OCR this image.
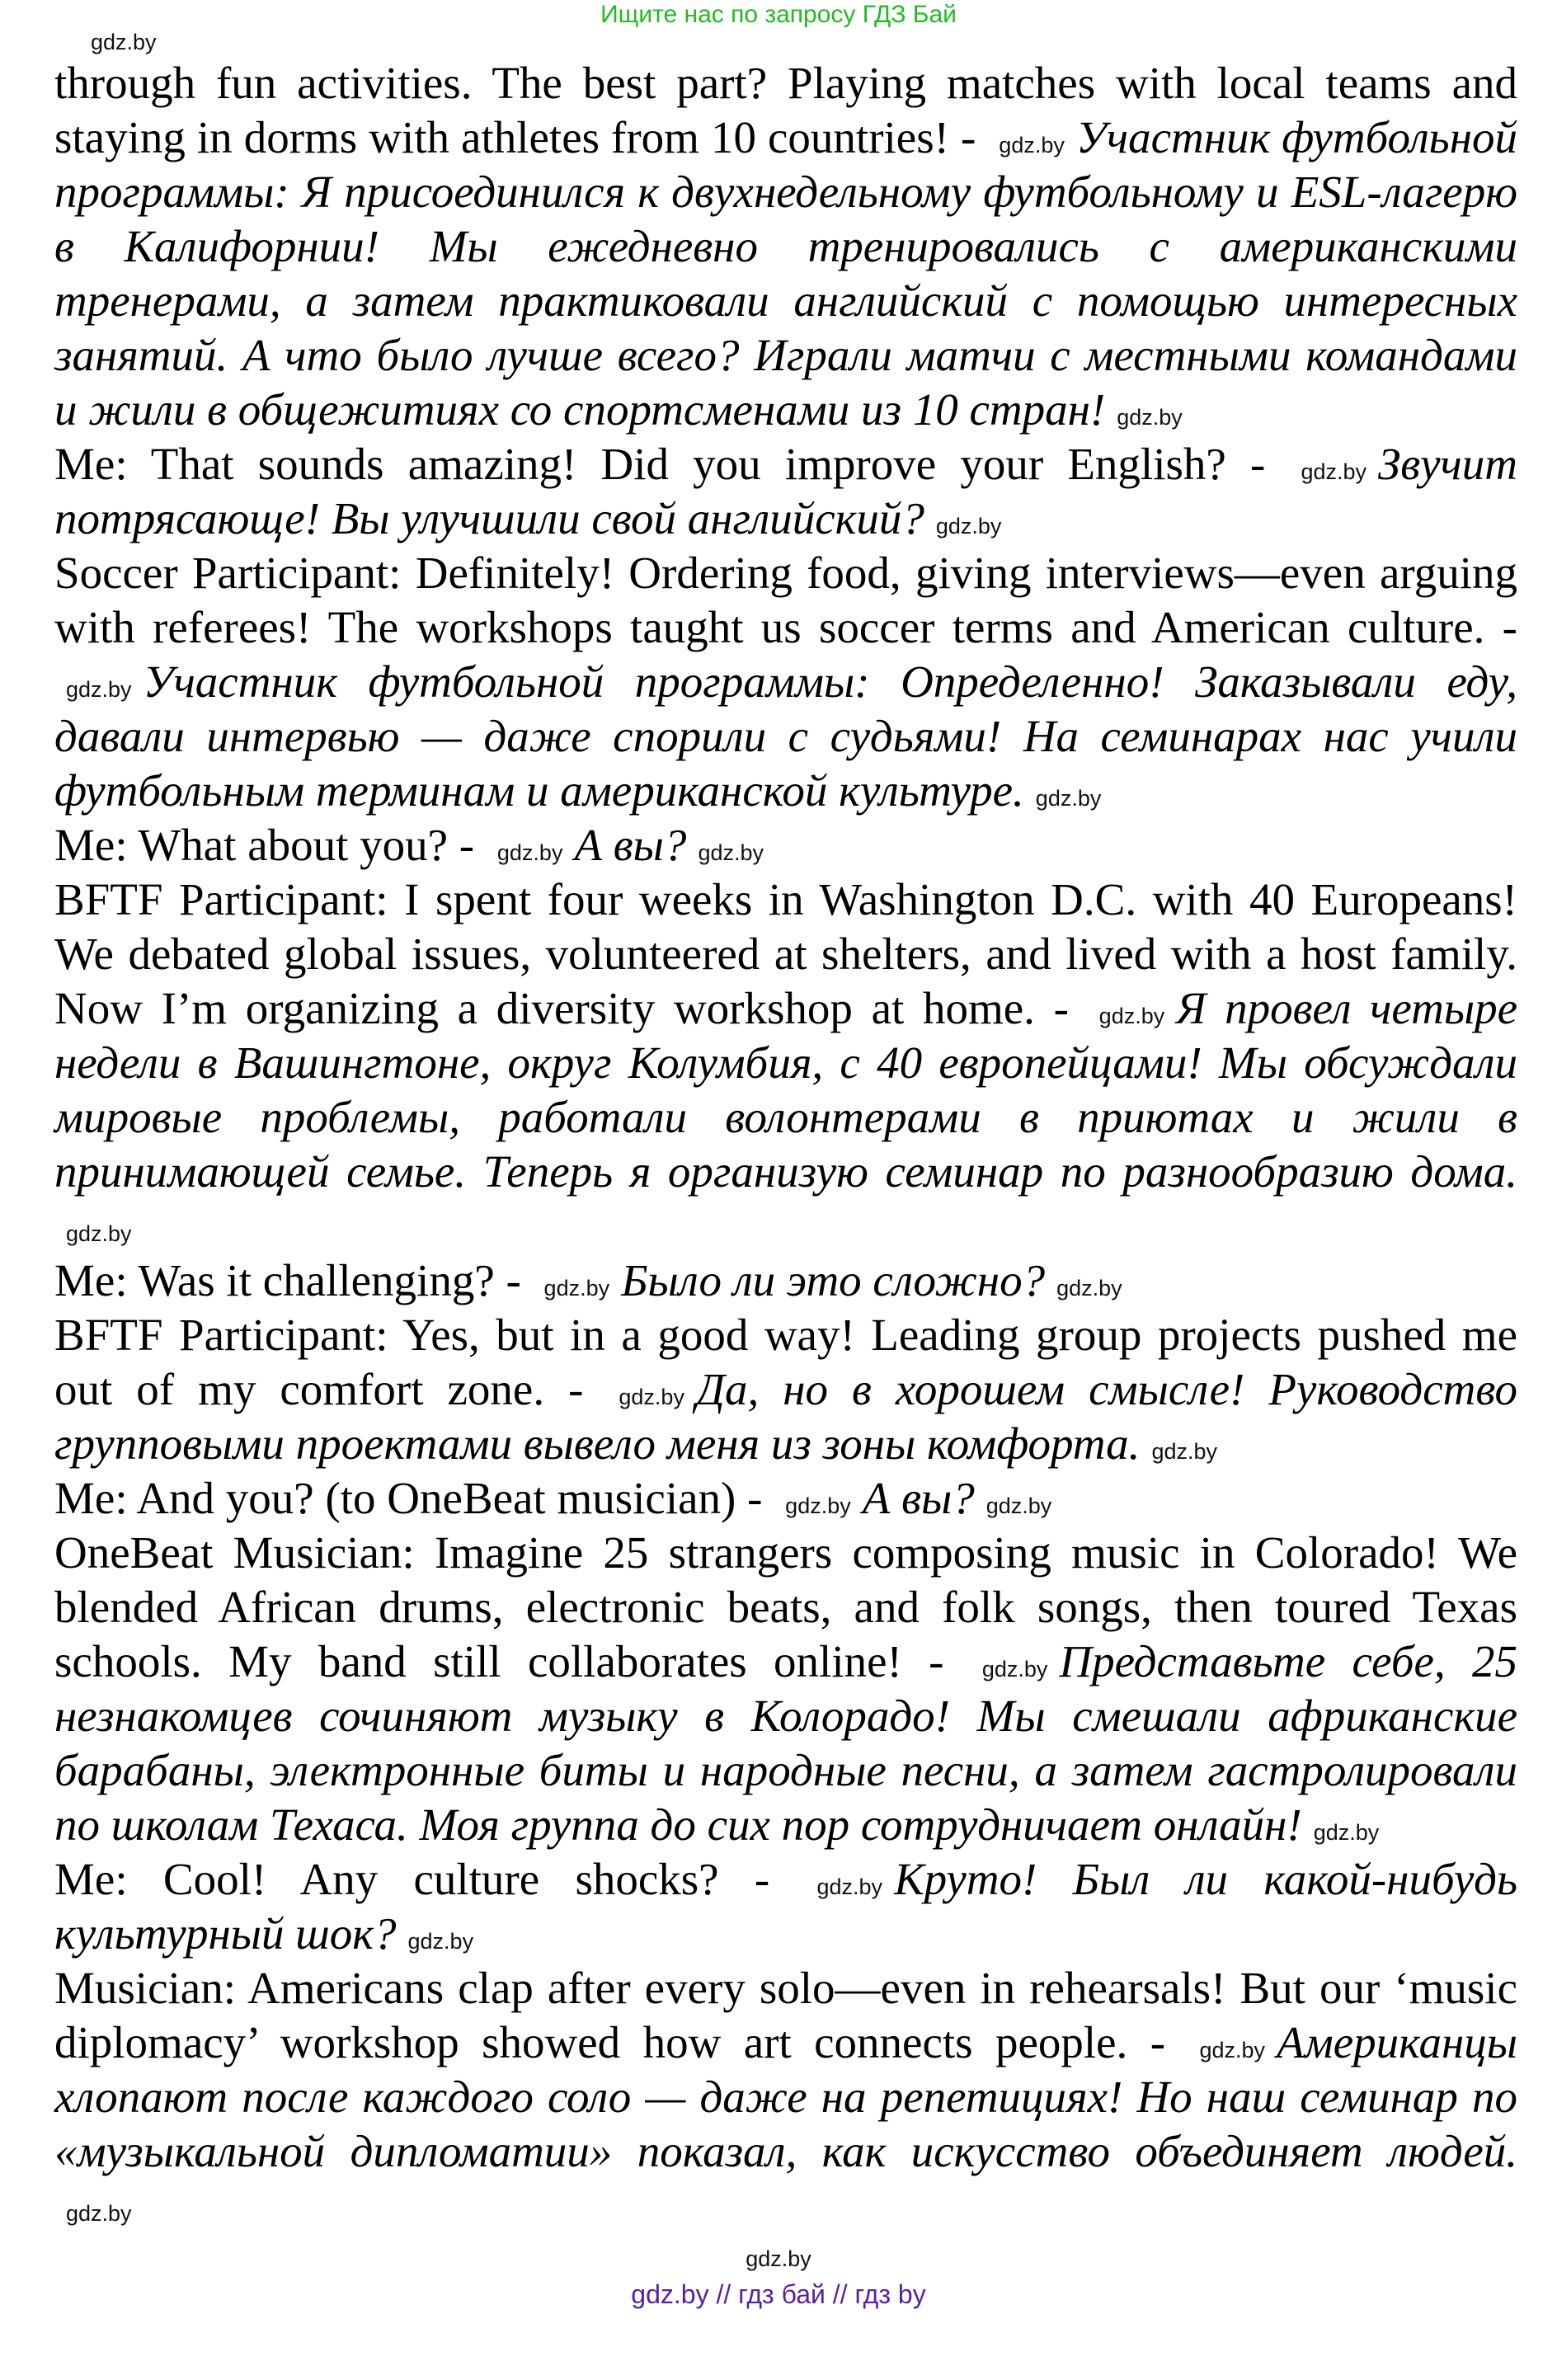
Ищите нас по запросу ГДЗ Бай
gdz.by

through fun activities. The best part? Playing matches with local teams and staying in dorms with athletes from 10 countries! - gdz.by Участник футбольной программы: Я присоединился к двухнедельному футбольному и ESL-лагерю в Калифорнии! Мы ежедневно тренировались с американскими тренерами, а затем практиковали английский с помощью интересных занятий. А что было лучше всего? Играли матчи с местными командами и жили в общежитиях со спортсменами из 10 стран! gdz.by

Me: That sounds amazing! Did you improve your English? - gdz.by Звучит потрясающе! Вы улучшили свой английский? gdz.by

Soccer Participant: Definitely! Ordering food, giving interviews—even arguing with referees! The workshops taught us soccer terms and American culture. - gdz.by Участник футбольной программы: Определенно! Заказывали еду, давали интервью — даже спорили с судьями! На семинарах нас учили футбольным терминам и американской культуре. gdz.by

Me: What about you? - gdz.by А вы? gdz.by

BFTF Participant: I spent four weeks in Washington D.C. with 40 Europeans! We debated global issues, volunteered at shelters, and lived with a host family. Now I’m organizing a diversity workshop at home. - gdz.by Я провел четыре недели в Вашингтоне, округ Колумбия, с 40 европейцами! Мы обсуждали мировые проблемы, работали волонтерами в приютах и жили в принимающей семье. Теперь я организую семинар по разнообразию дома.gdz.by

Me: Was it challenging? - gdz.by Было ли это сложно? gdz.by

BFTF Participant: Yes, but in a good way! Leading group projects pushed me out of my comfort zone. - gdz.by Да, но в хорошем смысле! Руководство групповыми проектами вывело меня из зоны комфорта. gdz.by

Me: And you? (to OneBeat musician) - gdz.by А вы? gdz.by

OneBeat Musician: Imagine 25 strangers composing music in Colorado! We blended African drums, electronic beats, and folk songs, then toured Texas schools. My band still collaborates online! - gdz.by Представьте себе, 25 незнакомцев сочиняют музыку в Колорадо! Мы смешали африканские барабаны, электронные биты и народные песни, а затем гастролировали по школам Техаса. Моя группа до сих пор сотрудничает онлайн! gdz.by

Me: Cool! Any culture shocks? - gdz.by Круто! Был ли какой-нибудь культурный шок? gdz.by

Musician: Americans clap after every solo—even in rehearsals! But our ‘music diplomacy’ workshop showed how art connects people. - gdz.by Американцы хлопают после каждого соло — даже на репетициях! Но наш семинар по «музыкальной дипломатии» показал, как искусство объединяет людей.gdz.by

gdz.by
gdz.by // гдз бай // гдз by
